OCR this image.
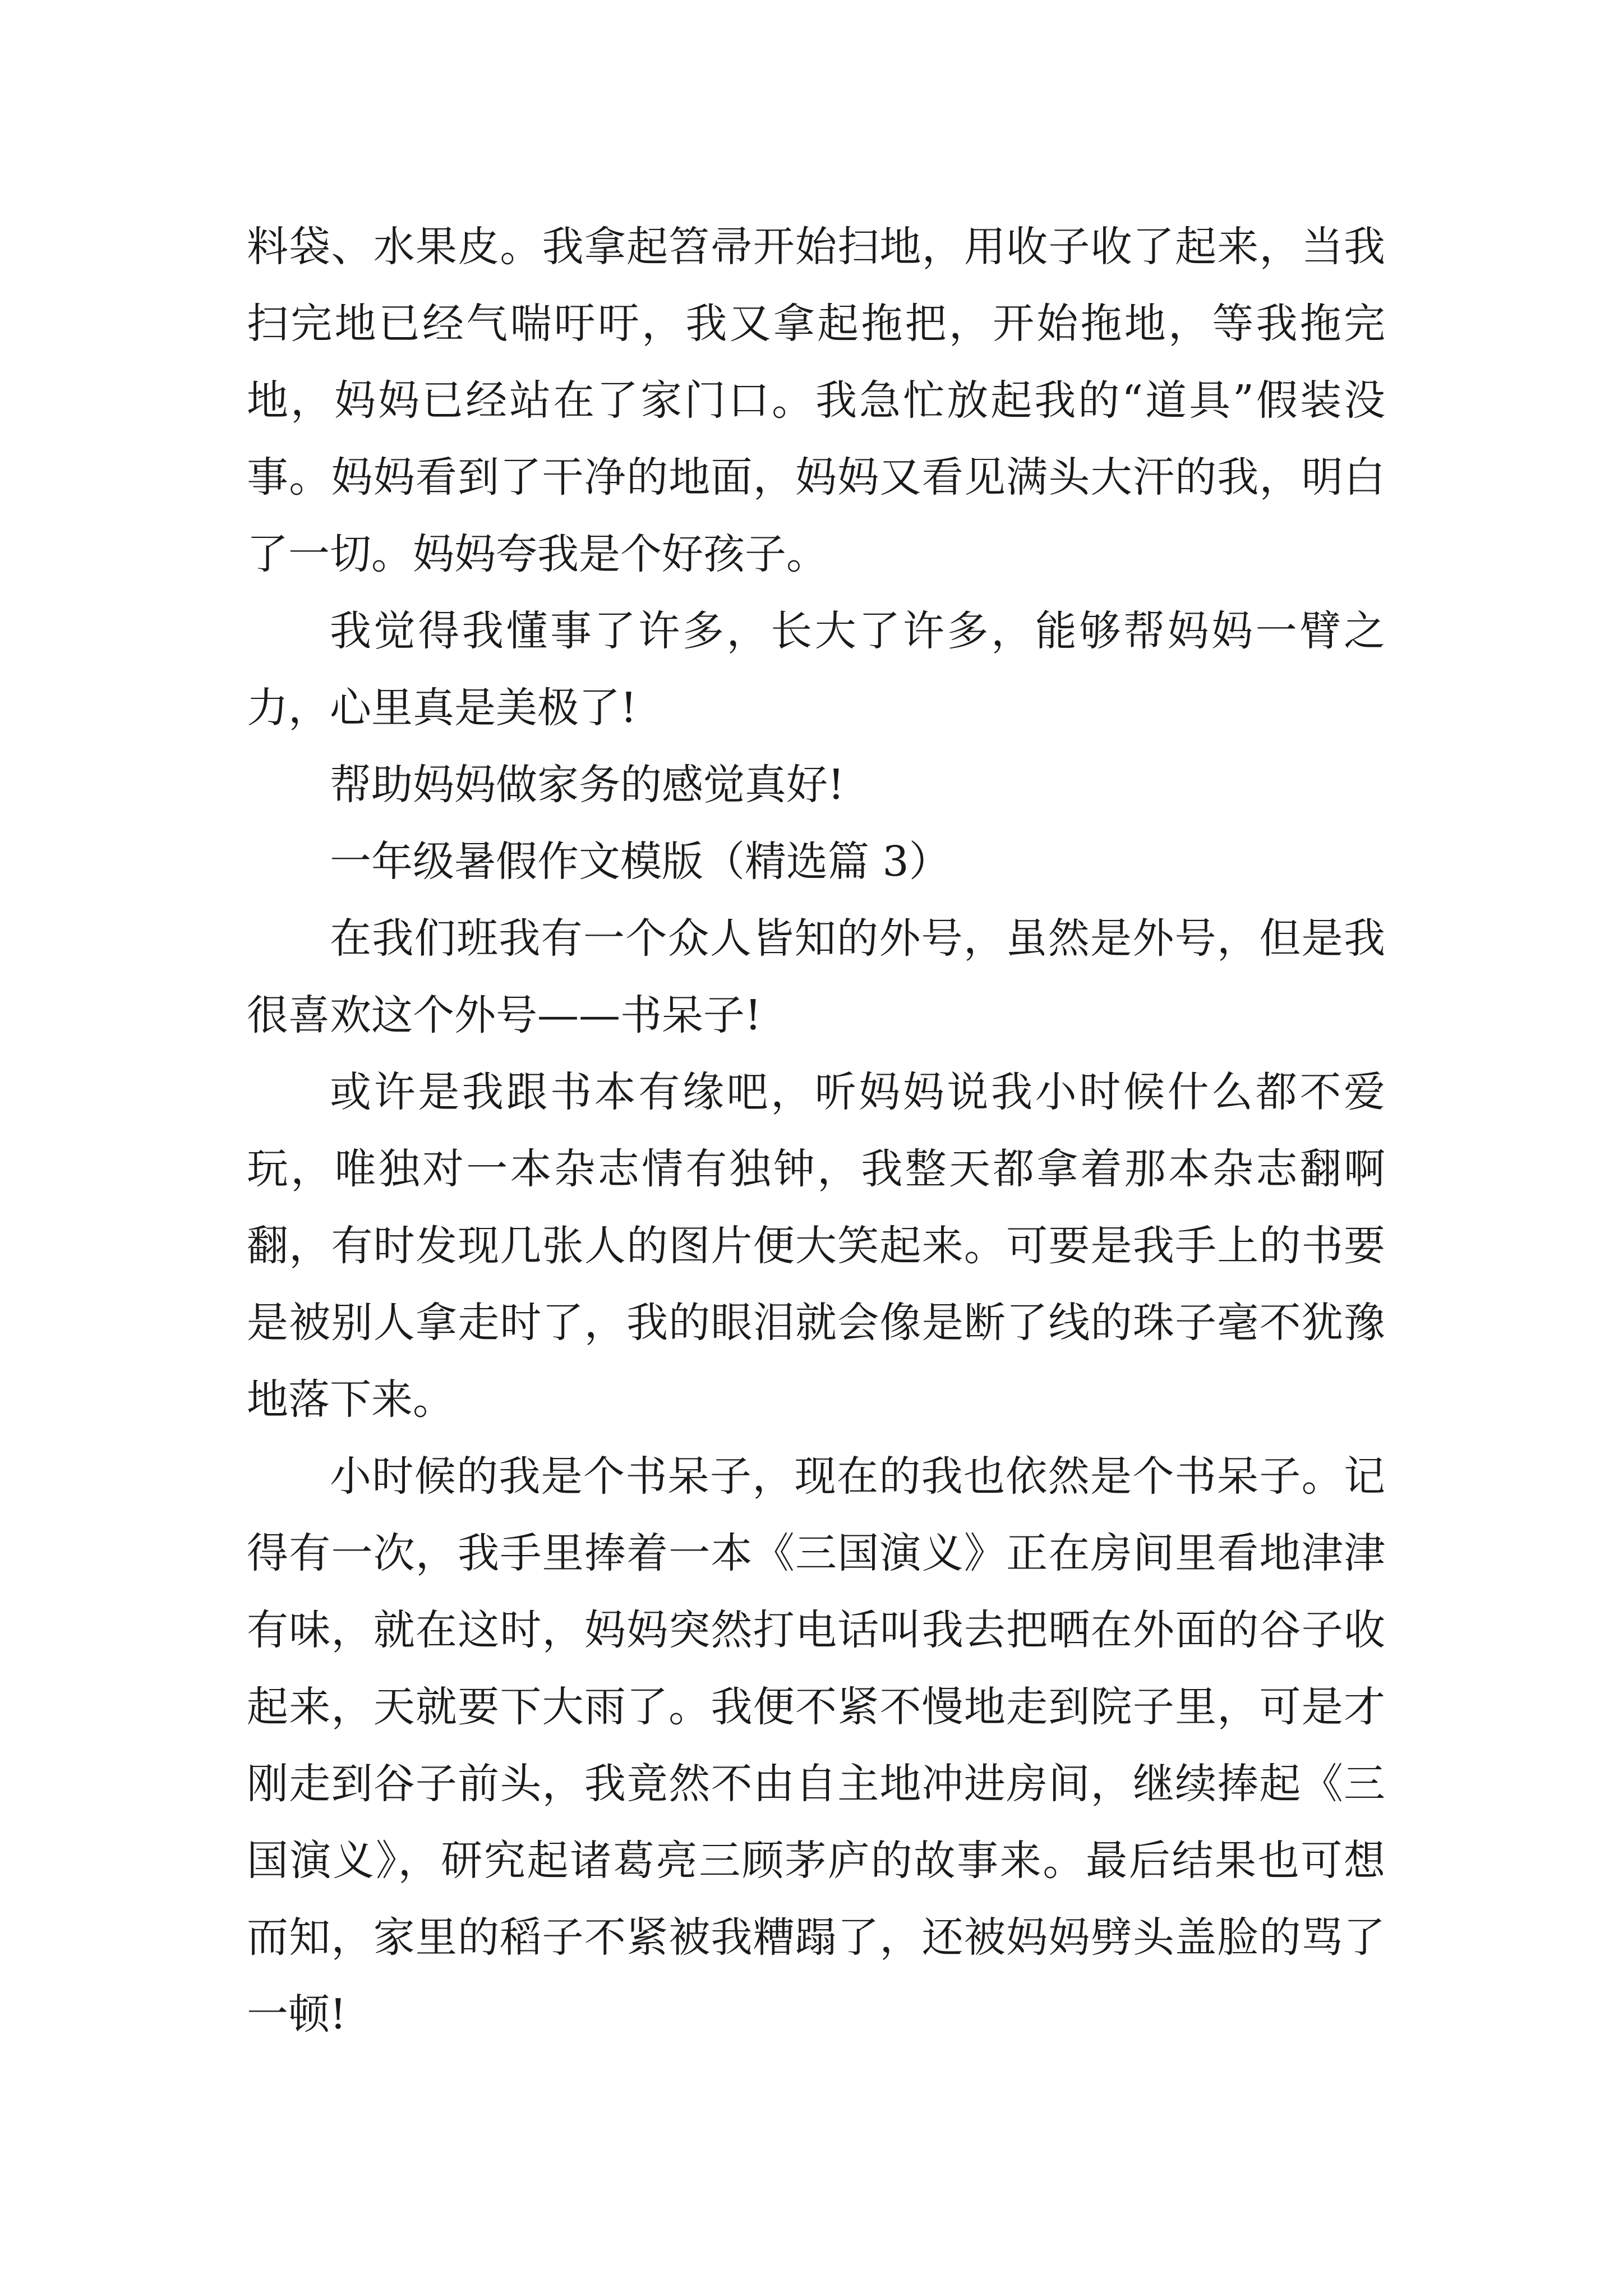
料袋、水果皮。我拿起笤帚开始扫地，用收子收了起来，当我扫完地已经气喘吁吁，我又拿起拖把，开始拖地，等我拖完地，妈妈已经站在了家门口。我急忙放起我的“道具”假装没事。妈妈看到了干净的地面，妈妈又看见满头大汗的我，明白了一切。妈妈夸我是个好孩子。

我觉得我懂事了许多，长大了许多，能够帮妈妈一臂之力，心里真是美极了!

帮助妈妈做家务的感觉真好!

一年级暑假作文模版（精选篇 3）

在我们班我有一个众人皆知的外号，虽然是外号，但是我很喜欢这个外号——书呆子!

或许是我跟书本有缘吧，听妈妈说我小时候什么都不爱玩，唯独对一本杂志情有独钟，我整天都拿着那本杂志翻啊翻，有时发现几张人的图片便大笑起来。可要是我手上的书要是被别人拿走时了，我的眼泪就会像是断了线的珠子毫不犹豫地落下来。

小时候的我是个书呆子，现在的我也依然是个书呆子。记得有一次，我手里捧着一本《三国演义》正在房间里看地津津有味，就在这时，妈妈突然打电话叫我去把晒在外面的谷子收起来，天就要下大雨了。我便不紧不慢地走到院子里，可是才刚走到谷子前头，我竟然不由自主地冲进房间，继续捧起《三国演义》，研究起诸葛亮三顾茅庐的故事来。最后结果也可想而知，家里的稻子不紧被我糟蹋了，还被妈妈劈头盖脸的骂了一顿!
